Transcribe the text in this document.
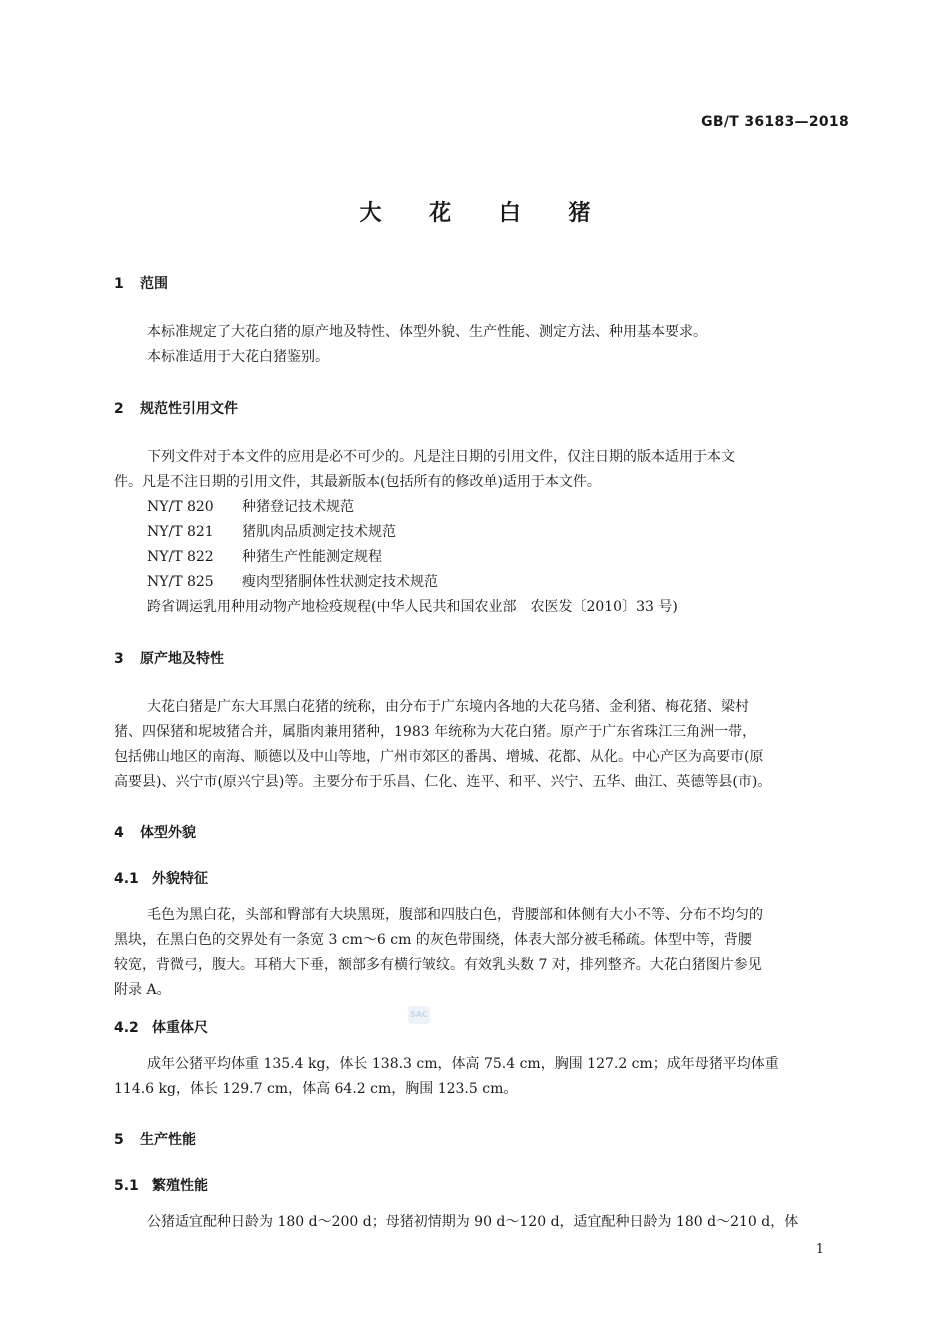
GB/T 36183—2018
大 花 白 猪
1 范围
本标准规定了大花白猪的原产地及特性、体型外貌、生产性能、测定方法、种用基本要求。
本标准适用于大花白猪鉴别。
2 规范性引用文件
下列文件对于本文件的应用是必不可少的。凡是注日期的引用文件，仅注日期的版本适用于本文
件。凡是不注日期的引用文件，其最新版本(包括所有的修改单)适用于本文件。
NY/T 820 种猪登记技术规范
NY/T 821 猪肌肉品质测定技术规范
NY/T 822 种猪生产性能测定规程
NY/T 825 瘦肉型猪胴体性状测定技术规范
跨省调运乳用种用动物产地检疫规程(中华人民共和国农业部　农医发〔2010〕33 号)
3 原产地及特性
大花白猪是广东大耳黑白花猪的统称，由分布于广东境内各地的大花乌猪、金利猪、梅花猪、梁村
猪、四保猪和坭坡猪合并，属脂肉兼用猪种，1983 年统称为大花白猪。原产于广东省珠江三角洲一带，
包括佛山地区的南海、顺德以及中山等地，广州市郊区的番禺、增城、花都、从化。中心产区为高要市(原
高要县)、兴宁市(原兴宁县)等。主要分布于乐昌、仁化、连平、和平、兴宁、五华、曲江、英德等县(市)。
4 体型外貌
4.1 外貌特征
毛色为黑白花，头部和臀部有大块黑斑，腹部和四肢白色，背腰部和体侧有大小不等、分布不均匀的
黑块，在黑白色的交界处有一条宽 3 cm～6 cm 的灰色带围绕，体表大部分被毛稀疏。体型中等，背腰
较宽，背微弓，腹大。耳稍大下垂，额部多有横行皱纹。有效乳头数 7 对，排列整齐。大花白猪图片参见
附录 A。
SAC
4.2 体重体尺
成年公猪平均体重 135.4 kg，体长 138.3 cm，体高 75.4 cm，胸围 127.2 cm；成年母猪平均体重
114.6 kg，体长 129.7 cm，体高 64.2 cm，胸围 123.5 cm。
5 生产性能
5.1 繁殖性能
公猪适宜配种日龄为 180 d～200 d；母猪初情期为 90 d～120 d，适宜配种日龄为 180 d～210 d，体
1
